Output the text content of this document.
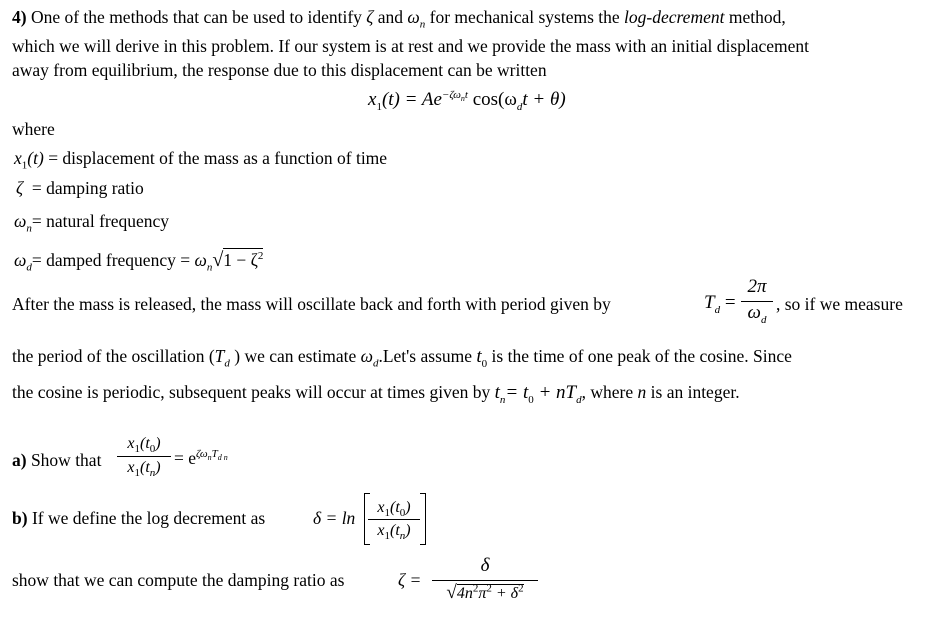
4) One of the methods that can be used to identify ζ and $\omega_n$ for mechanical systems the log-decrement method,
which we will derive in this problem. If our system is at rest and we provide the mass with an initial displacement
away from equilibrium, the response due to this displacement can be written
$x_1(t) = Ae^{-\zeta\omega_nt}$ $\cos(\omega_dt + \theta)$
where
$x_1(t)$ = displacement of the mass as a function of time
ζ = damping ratio
$\omega_n=$ natural frequency
$\omega_d=$ damped frequency = $\omega_n√1 - \zeta^2$
After the mass is released, the mass will oscillate back and forth with period given by	$T_d = \frac{2\pi}{\omega_d}$ , so if we measure
the period of the oscillation ($T_d$ ) we can estimate $\omega_d.Let's$ assume $t_0$ is the time of one peak of the cosine. Since
the cosine is periodic, subsequent peaks will occur at times given by $t_n= t_0 + nT_d$, where n is an integer.
a) Show that $\frac{x_1(t_0)}{x_1(t_n)} = e^{\zeta\omega_nT_{d n}}$
b) If we define the log decrement as	$\delta = \ln \frac{x_1(t_0)}{x_1(t_n)}$
show that we can compute the damping ratio as	ζ =
δ
$√4n^2\pi^2 + \delta^2$
